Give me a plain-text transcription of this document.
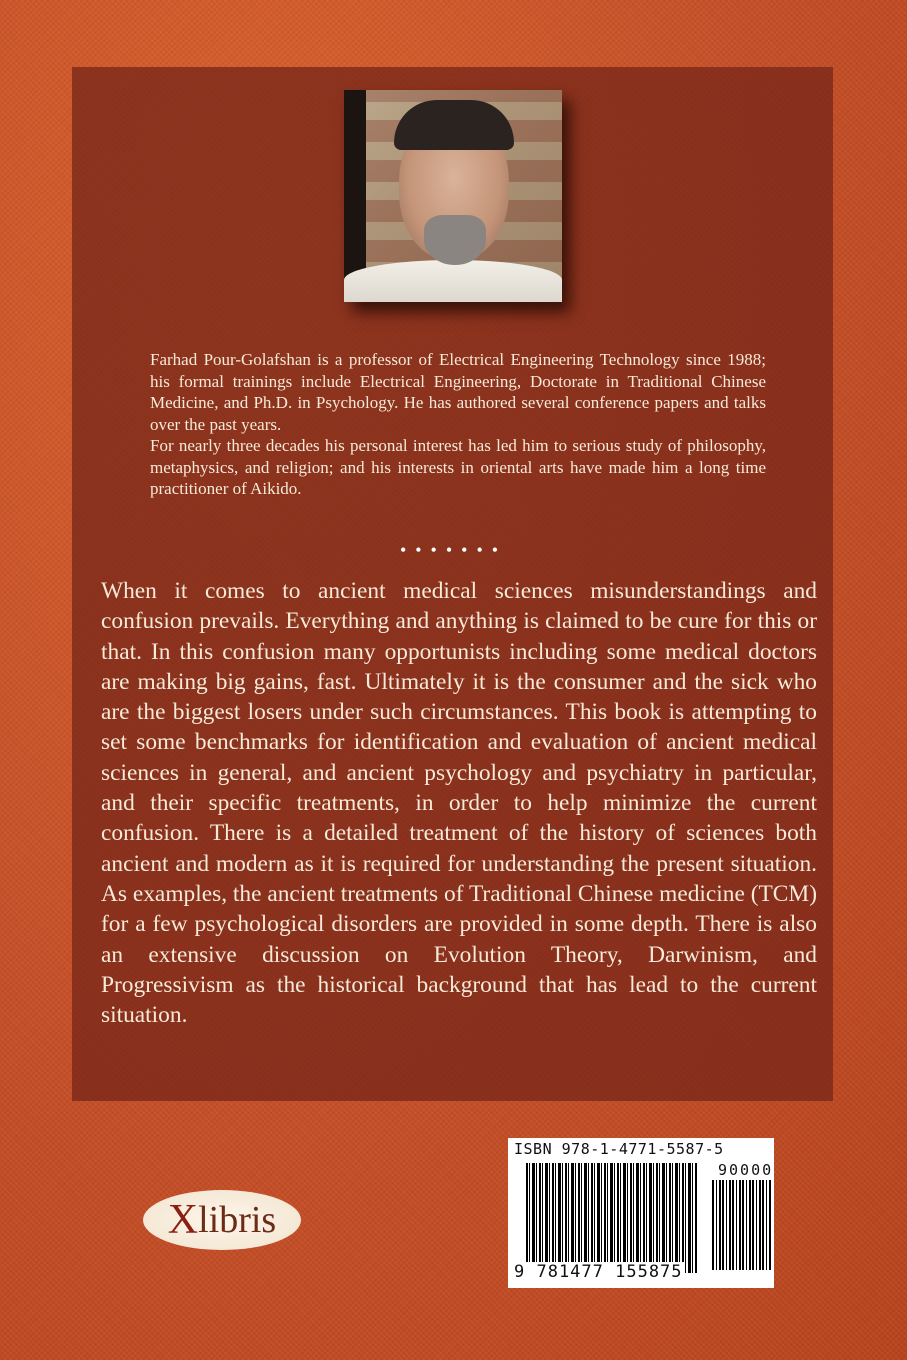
Farhad Pour-Golafshan is a professor of Electrical Engineering Technology since 1988; his formal trainings include Electrical Engineering, Doctorate in Traditional Chinese Medicine, and Ph.D. in Psychology. He has authored several conference papers and talks over the past years.

For nearly three decades his personal interest has led him to serious study of philosophy, metaphysics, and religion; and his interests in oriental arts have made him a long time practitioner of Aikido.

•••••••

When it comes to ancient medical sciences misunderstandings and confusion prevails. Everything and anything is claimed to be cure for this or that. In this confusion many opportunists including some medical doctors are making big gains, fast. Ultimately it is the consumer and the sick who are the biggest losers under such circumstances. This book is attempting to set some benchmarks for identification and evaluation of ancient medical sciences in general, and ancient psychology and psychiatry in particular, and their specific treatments, in order to help minimize the current confusion. There is a detailed treatment of the history of sciences both ancient and modern as it is required for understanding the present situation. As examples, the ancient treatments of Traditional Chinese medicine (TCM) for a few psychological disorders are provided in some depth. There is also an extensive discussion on Evolution Theory, Darwinism, and Progressivism as the historical background that has lead to the current situation.

X libris
ISBN 978-1-4771-5587-5
90000
9 781477 155875
